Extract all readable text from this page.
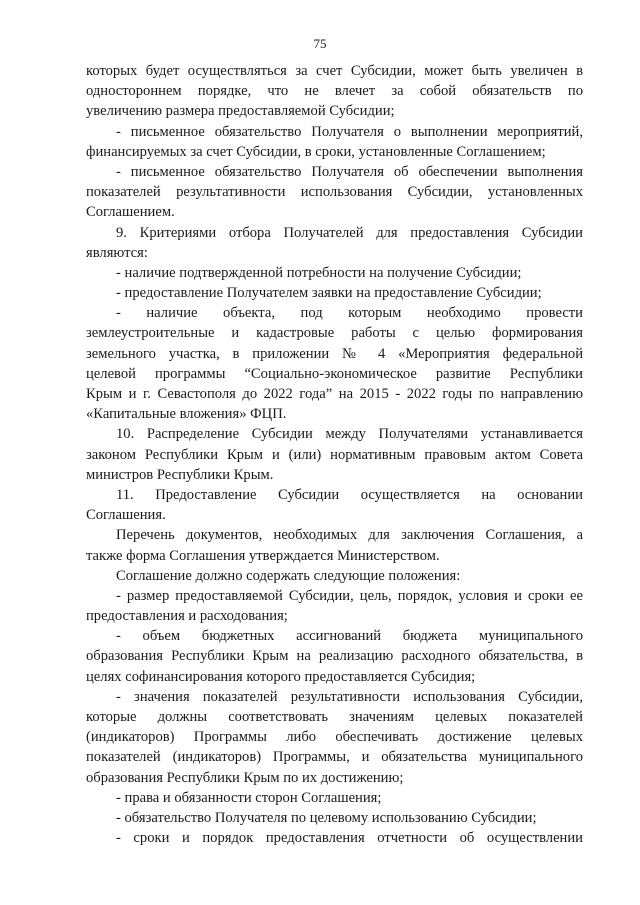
75
которых будет осуществляться за счет Субсидии, может быть увеличен в
одностороннем порядке, что не влечет за собой обязательств по
увеличению размера предоставляемой Субсидии;
- письменное обязательство Получателя о выполнении мероприятий,
финансируемых за счет Субсидии, в сроки, установленные Соглашением;
- письменное обязательство Получателя об обеспечении выполнения
показателей результативности использования Субсидии, установленных
Соглашением.
9. Критериями отбора Получателей для предоставления Субсидии
являются:
- наличие подтвержденной потребности на получение Субсидии;
- предоставление Получателем заявки на предоставление Субсидии;
- наличие объекта, под которым необходимо провести
землеустроительные и кадастровые работы с целью формирования
земельного участка, в приложении № 4 «Мероприятия федеральной
целевой программы “Социально-экономическое развитие Республики
Крым и г. Севастополя до 2022 года” на 2015 - 2022 годы по направлению
«Капитальные вложения» ФЦП.
10. Распределение Субсидии между Получателями устанавливается
законом Республики Крым и (или) нормативным правовым актом Совета
министров Республики Крым.
11. Предоставление Субсидии осуществляется на основании
Соглашения.
Перечень документов, необходимых для заключения Соглашения, а
также форма Соглашения утверждается Министерством.
Соглашение должно содержать следующие положения:
- размер предоставляемой Субсидии, цель, порядок, условия и сроки ее
предоставления и расходования;
- объем бюджетных ассигнований бюджета муниципального
образования Республики Крым на реализацию расходного обязательства, в
целях софинансирования которого предоставляется Субсидия;
- значения показателей результативности использования Субсидии,
которые должны соответствовать значениям целевых показателей
(индикаторов) Программы либо обеспечивать достижение целевых
показателей (индикаторов) Программы, и обязательства муниципального
образования Республики Крым по их достижению;
- права и обязанности сторон Соглашения;
- обязательство Получателя по целевому использованию Субсидии;
- сроки и порядок предоставления отчетности об осуществлении
